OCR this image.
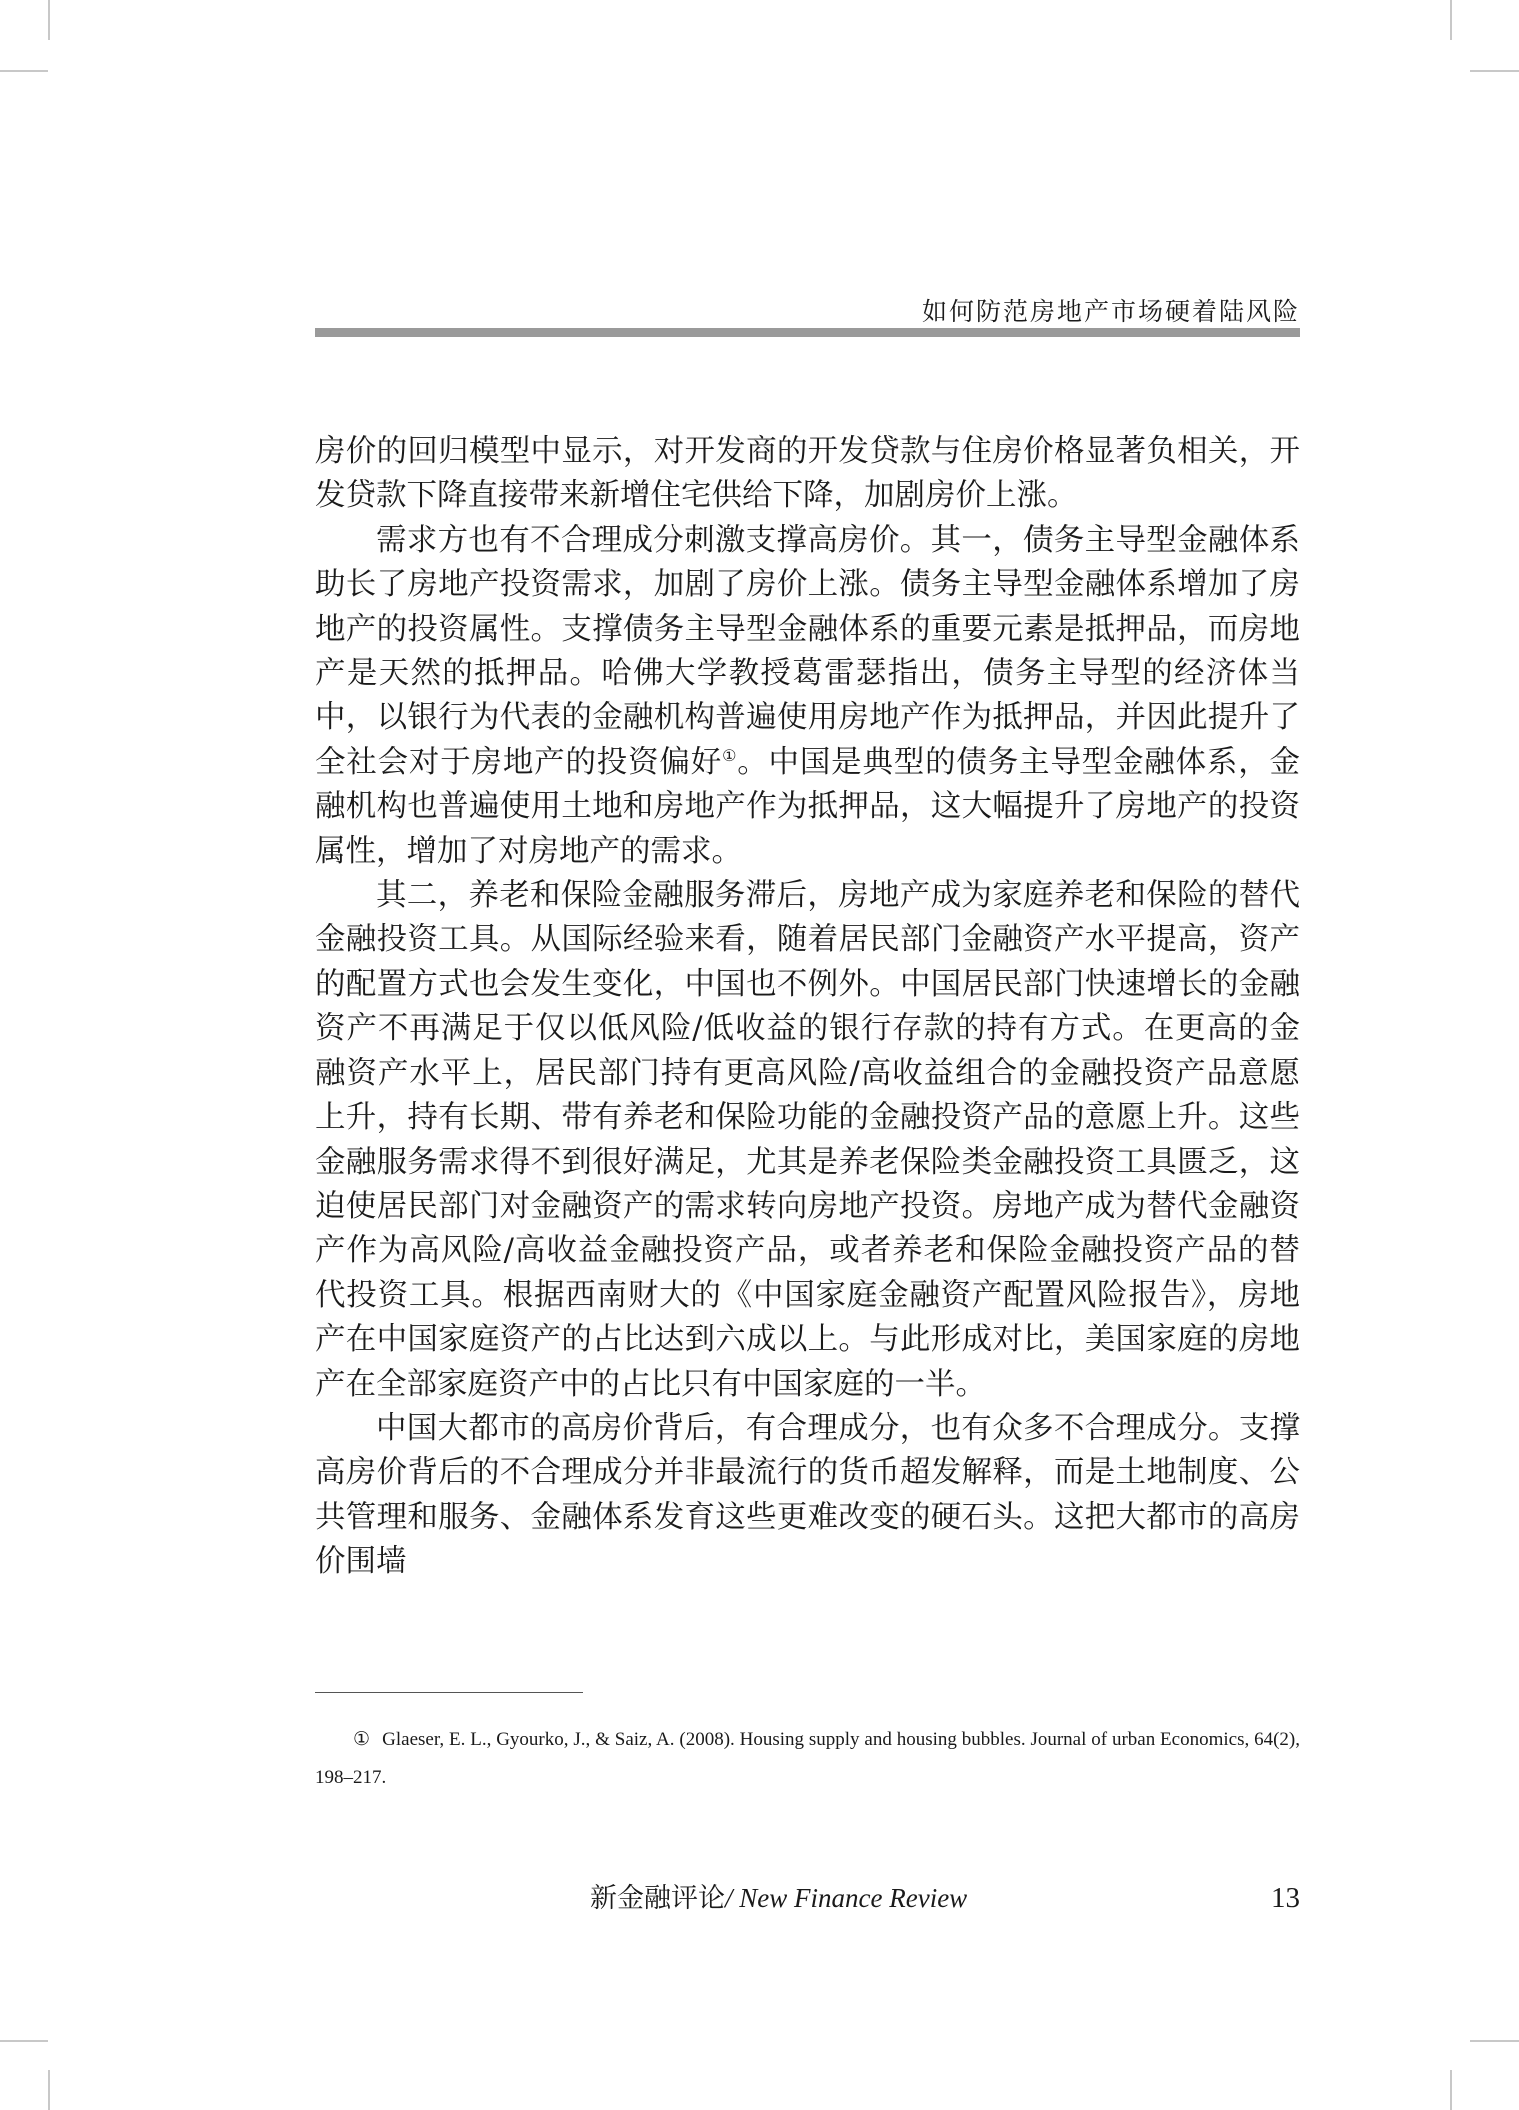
如何防范房地产市场硬着陆风险

房价的回归模型中显示，对开发商的开发贷款与住房价格显著负相关，开发贷款下降直接带来新增住宅供给下降，加剧房价上涨。

需求方也有不合理成分刺激支撑高房价。其一，债务主导型金融体系助长了房地产投资需求，加剧了房价上涨。债务主导型金融体系增加了房地产的投资属性。支撑债务主导型金融体系的重要元素是抵押品，而房地产是天然的抵押品。哈佛大学教授葛雷瑟指出，债务主导型的经济体当中，以银行为代表的金融机构普遍使用房地产作为抵押品，并因此提升了全社会对于房地产的投资偏好①。中国是典型的债务主导型金融体系，金融机构也普遍使用土地和房地产作为抵押品，这大幅提升了房地产的投资属性，增加了对房地产的需求。

其二，养老和保险金融服务滞后，房地产成为家庭养老和保险的替代金融投资工具。从国际经验来看，随着居民部门金融资产水平提高，资产的配置方式也会发生变化，中国也不例外。中国居民部门快速增长的金融资产不再满足于仅以低风险/低收益的银行存款的持有方式。在更高的金融资产水平上，居民部门持有更高风险/高收益组合的金融投资产品意愿上升，持有长期、带有养老和保险功能的金融投资产品的意愿上升。这些金融服务需求得不到很好满足，尤其是养老保险类金融投资工具匮乏，这迫使居民部门对金融资产的需求转向房地产投资。房地产成为替代金融资产作为高风险/高收益金融投资产品，或者养老和保险金融投资产品的替代投资工具。根据西南财大的《中国家庭金融资产配置风险报告》，房地产在中国家庭资产的占比达到六成以上。与此形成对比，美国家庭的房地产在全部家庭资产中的占比只有中国家庭的一半。

中国大都市的高房价背后，有合理成分，也有众多不合理成分。支撑高房价背后的不合理成分并非最流行的货币超发解释，而是土地制度、公共管理和服务、金融体系发育这些更难改变的硬石头。这把大都市的高房价围墙

① Glaeser, E. L., Gyourko, J., & Saiz, A. (2008). Housing supply and housing bubbles. Journal of urban Economics, 64(2), 198–217.
新金融评论/ New Finance Review	13
